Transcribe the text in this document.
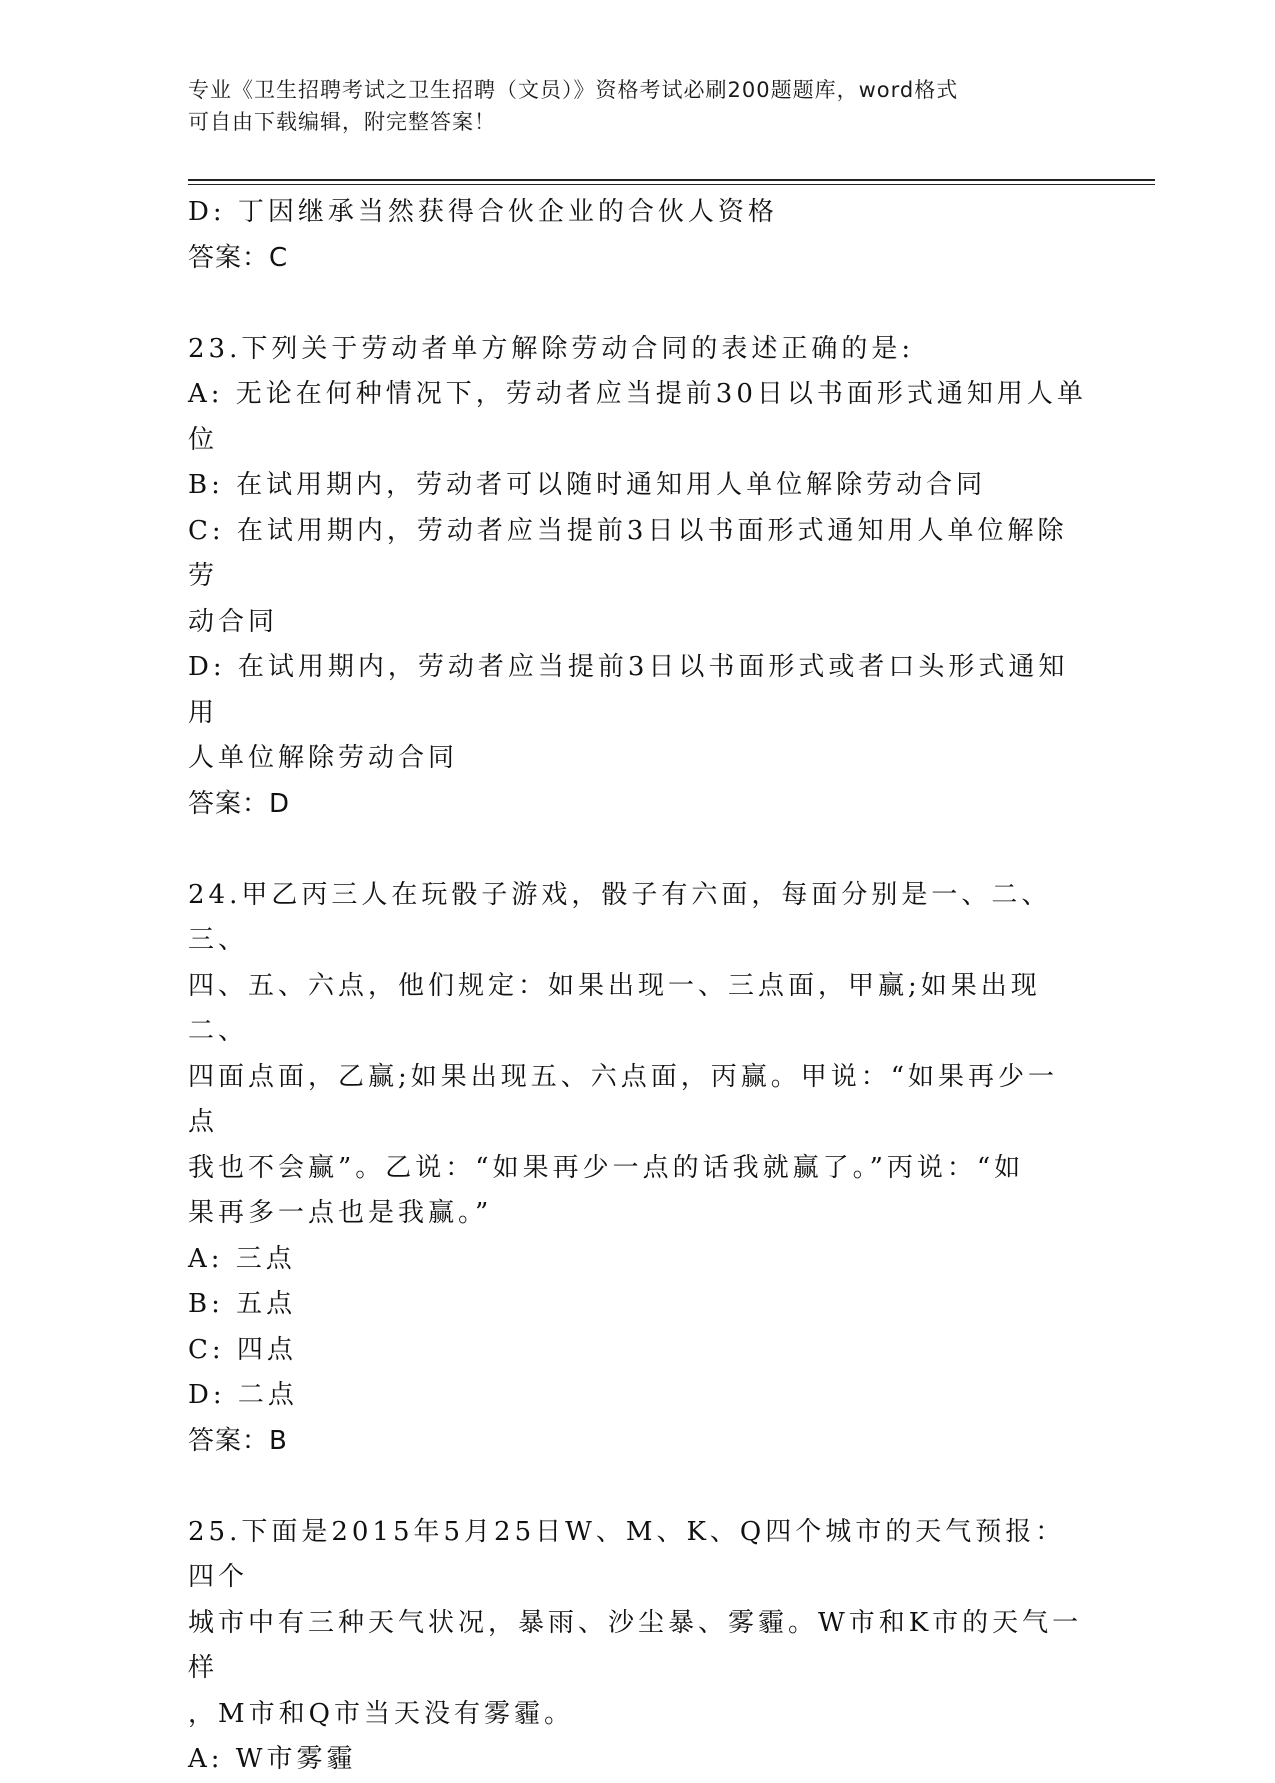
专业《卫生招聘考试之卫生招聘（文员）》资格考试必刷200题题库，word格式
可自由下载编辑，附完整答案！

D: 丁因继承当然获得合伙企业的合伙人资格

答案：C

23.下列关于劳动者单方解除劳动合同的表述正确的是:

A: 无论在何种情况下，劳动者应当提前30日以书面形式通知用人单

位

B: 在试用期内，劳动者可以随时通知用人单位解除劳动合同

C: 在试用期内，劳动者应当提前3日以书面形式通知用人单位解除劳

动合同

D: 在试用期内，劳动者应当提前3日以书面形式或者口头形式通知用

人单位解除劳动合同

答案：D

24.甲乙丙三人在玩骰子游戏，骰子有六面，每面分别是一、二、三、

四、五、六点，他们规定：如果出现一、三点面，甲赢;如果出现二、

四面点面，乙赢;如果出现五、六点面，丙赢。甲说：“如果再少一点

我也不会赢”。乙说：“如果再少一点的话我就赢了。”丙说：“如

果再多一点也是我赢。”

A: 三点

B: 五点

C: 四点

D: 二点

答案：B

25.下面是2015年5月25日W、M、K、Q四个城市的天气预报：四个

城市中有三种天气状况，暴雨、沙尘暴、雾霾。W市和K市的天气一样

，M市和Q市当天没有雾霾。

A: W市雾霾
